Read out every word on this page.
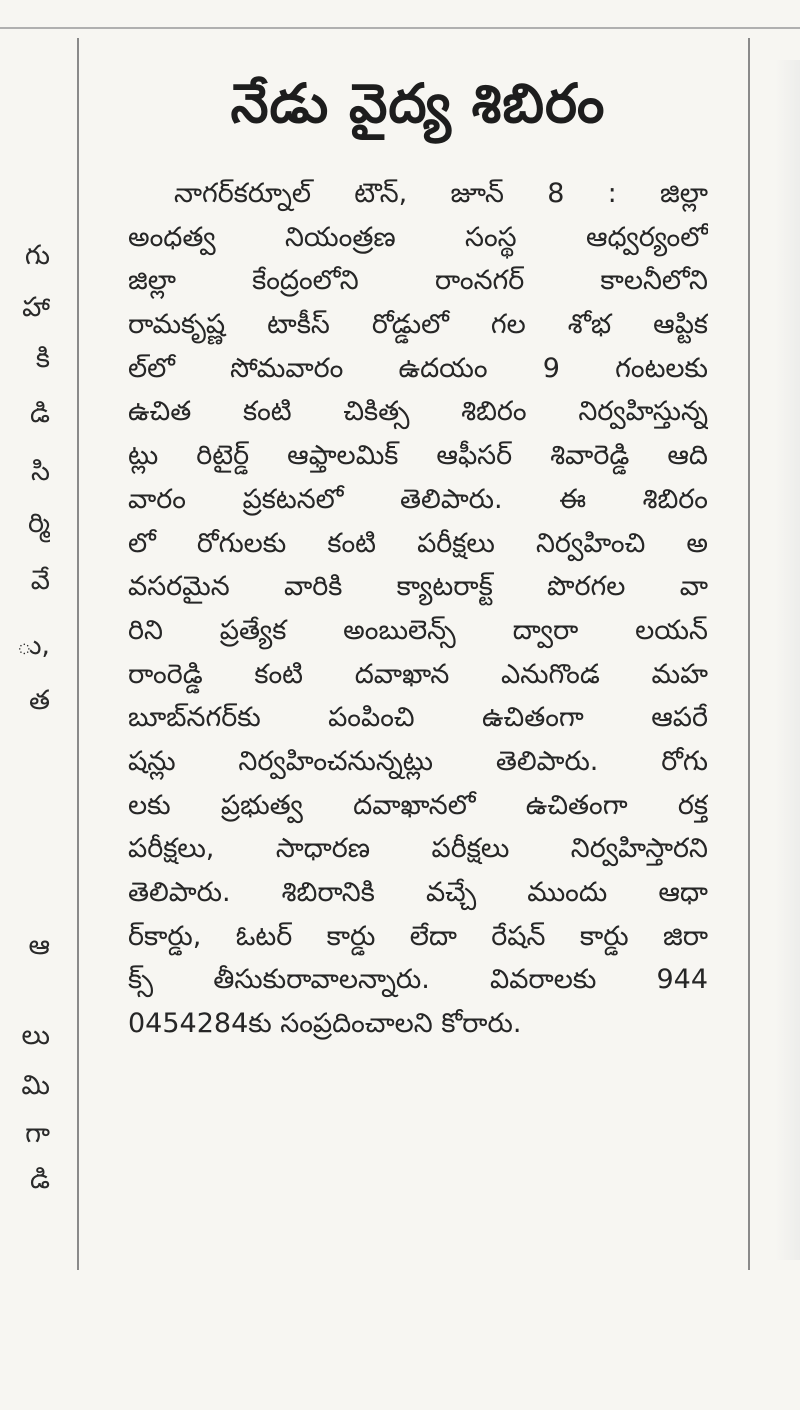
గు
హా
కి
డి
సి
ర్మి
వే
ు,
త
ఆ
లు
మి
గా
డి
నేడు వైద్య శిబిరం
నాగర్‌కర్నూల్ టౌన్, జూన్ 8 : జిల్లా
అంధత్వ నియంత్రణ సంస్థ ఆధ్వర్యంలో
జిల్లా కేంద్రంలోని రాంనగర్ కాలనీలోని
రామకృష్ణ టాకీస్ రోడ్డులో గల శోభ ఆప్టిక
ల్‌లో సోమవారం ఉదయం 9 గంటలకు
ఉచిత కంటి చికిత్స శిబిరం నిర్వహిస్తున్న
ట్లు రిటైర్డ్ ఆఫ్తాలమిక్ ఆఫీసర్ శివారెడ్డి ఆది
వారం ప్రకటనలో తెలిపారు. ఈ శిబిరం
లో రోగులకు కంటి పరీక్షలు నిర్వహించి అ
వసరమైన వారికి క్యాటరాక్ట్ పొరగల వా
రిని ప్రత్యేక అంబులెన్స్ ద్వారా లయన్
రాంరెడ్డి కంటి దవాఖాన ఎనుగొండ మహ
బూబ్‌నగర్‌కు పంపించి ఉచితంగా ఆపరే
షన్లు నిర్వహించనున్నట్లు తెలిపారు. రోగు
లకు ప్రభుత్వ దవాఖానలో ఉచితంగా రక్త
పరీక్షలు, సాధారణ పరీక్షలు నిర్వహిస్తారని
తెలిపారు. శిబిరానికి వచ్చే ముందు ఆధా
ర్‌కార్డు, ఓటర్ కార్డు లేదా రేషన్ కార్డు జిరా
క్స్ తీసుకురావాలన్నారు. వివరాలకు 944
0454284కు సంప్రదించాలని కోరారు.
